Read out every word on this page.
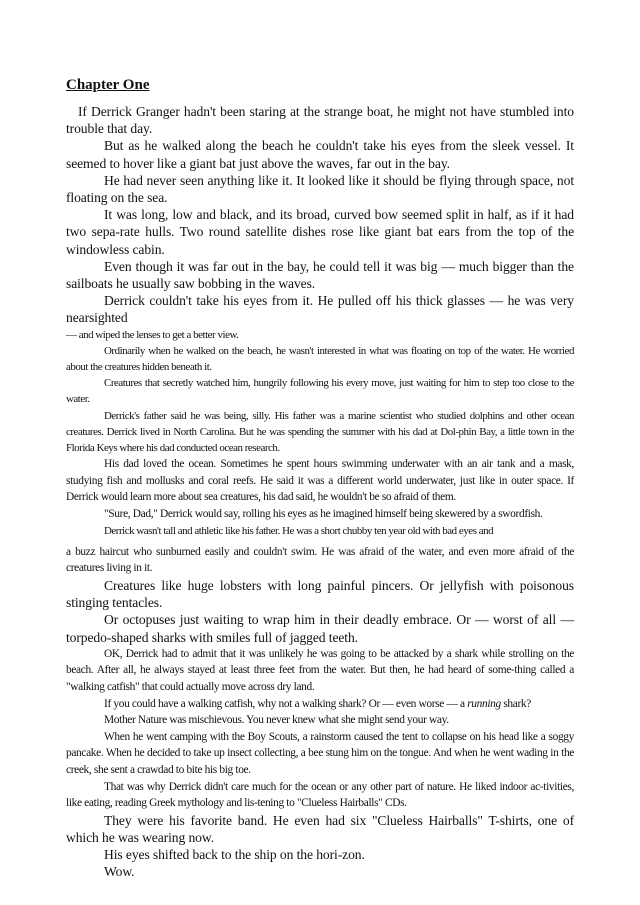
Chapter One

If Derrick Granger hadn't been staring at the strange boat, he might not have stumbled into trouble that day.

But as he walked along the beach he couldn't take his eyes from the sleek vessel. It seemed to hover like a giant bat just above the waves, far out in the bay.

He had never seen anything like it. It looked like it should be flying through space, not floating on the sea.

It was long, low and black, and its broad, curved bow seemed split in half, as if it had two sepa-rate hulls. Two round satellite dishes rose like giant bat ears from the top of the windowless cabin.

Even though it was far out in the bay, he could tell it was big — much bigger than the sailboats he usually saw bobbing in the waves.

Derrick couldn't take his eyes from it. He pulled off his thick glasses — he was very nearsighted

— and wiped the lenses to get a better view.

Ordinarily when he walked on the beach, he wasn't interested in what was floating on top of the water. He worried about the creatures hidden beneath it.

Creatures that secretly watched him, hungrily following his every move, just waiting for him to step too close to the water.

Derrick's father said he was being, silly. His father was a marine scientist who studied dolphins and other ocean creatures. Derrick lived in North Carolina. But he was spending the summer with his dad at Dol-phin Bay, a little town in the Florida Keys where his dad conducted ocean research.

His dad loved the ocean. Sometimes he spent hours swimming underwater with an air tank and a mask, studying fish and mollusks and coral reefs. He said it was a different world underwater, just like in outer space. If Derrick would learn more about sea creatures, his dad said, he wouldn't be so afraid of them.

"Sure, Dad," Derrick would say, rolling his eyes as he imagined himself being skewered by a swordfish.

Derrick wasn't tall and athletic like his father. He was a short chubby ten year old with bad eyes and

a buzz haircut who sunburned easily and couldn't swim. He was afraid of the water, and even more afraid of the creatures living in it.

Creatures like huge lobsters with long painful pincers. Or jellyfish with poisonous stinging tentacles.

Or octopuses just waiting to wrap him in their deadly embrace. Or — worst of all — torpedo-shaped sharks with smiles full of jagged teeth.

OK, Derrick had to admit that it was unlikely he was going to be attacked by a shark while strolling on the beach. After all, he always stayed at least three feet from the water. But then, he had heard of some-thing called a "walking catfish" that could actually move across dry land.

If you could have a walking catfish, why not a walking shark? Or — even worse — a running shark?

Mother Nature was mischievous. You never knew what she might send your way.

When he went camping with the Boy Scouts, a rainstorm caused the tent to collapse on his head like a soggy pancake. When he decided to take up insect collecting, a bee stung him on the tongue. And when he went wading in the creek, she sent a crawdad to bite his big toe.

That was why Derrick didn't care much for the ocean or any other part of nature. He liked indoor ac-tivities, like eating, reading Greek mythology and lis-tening to "Clueless Hairballs" CDs.

They were his favorite band. He even had six "Clueless Hairballs" T-shirts, one of which he was wearing now.

His eyes shifted back to the ship on the hori-zon.

Wow.
